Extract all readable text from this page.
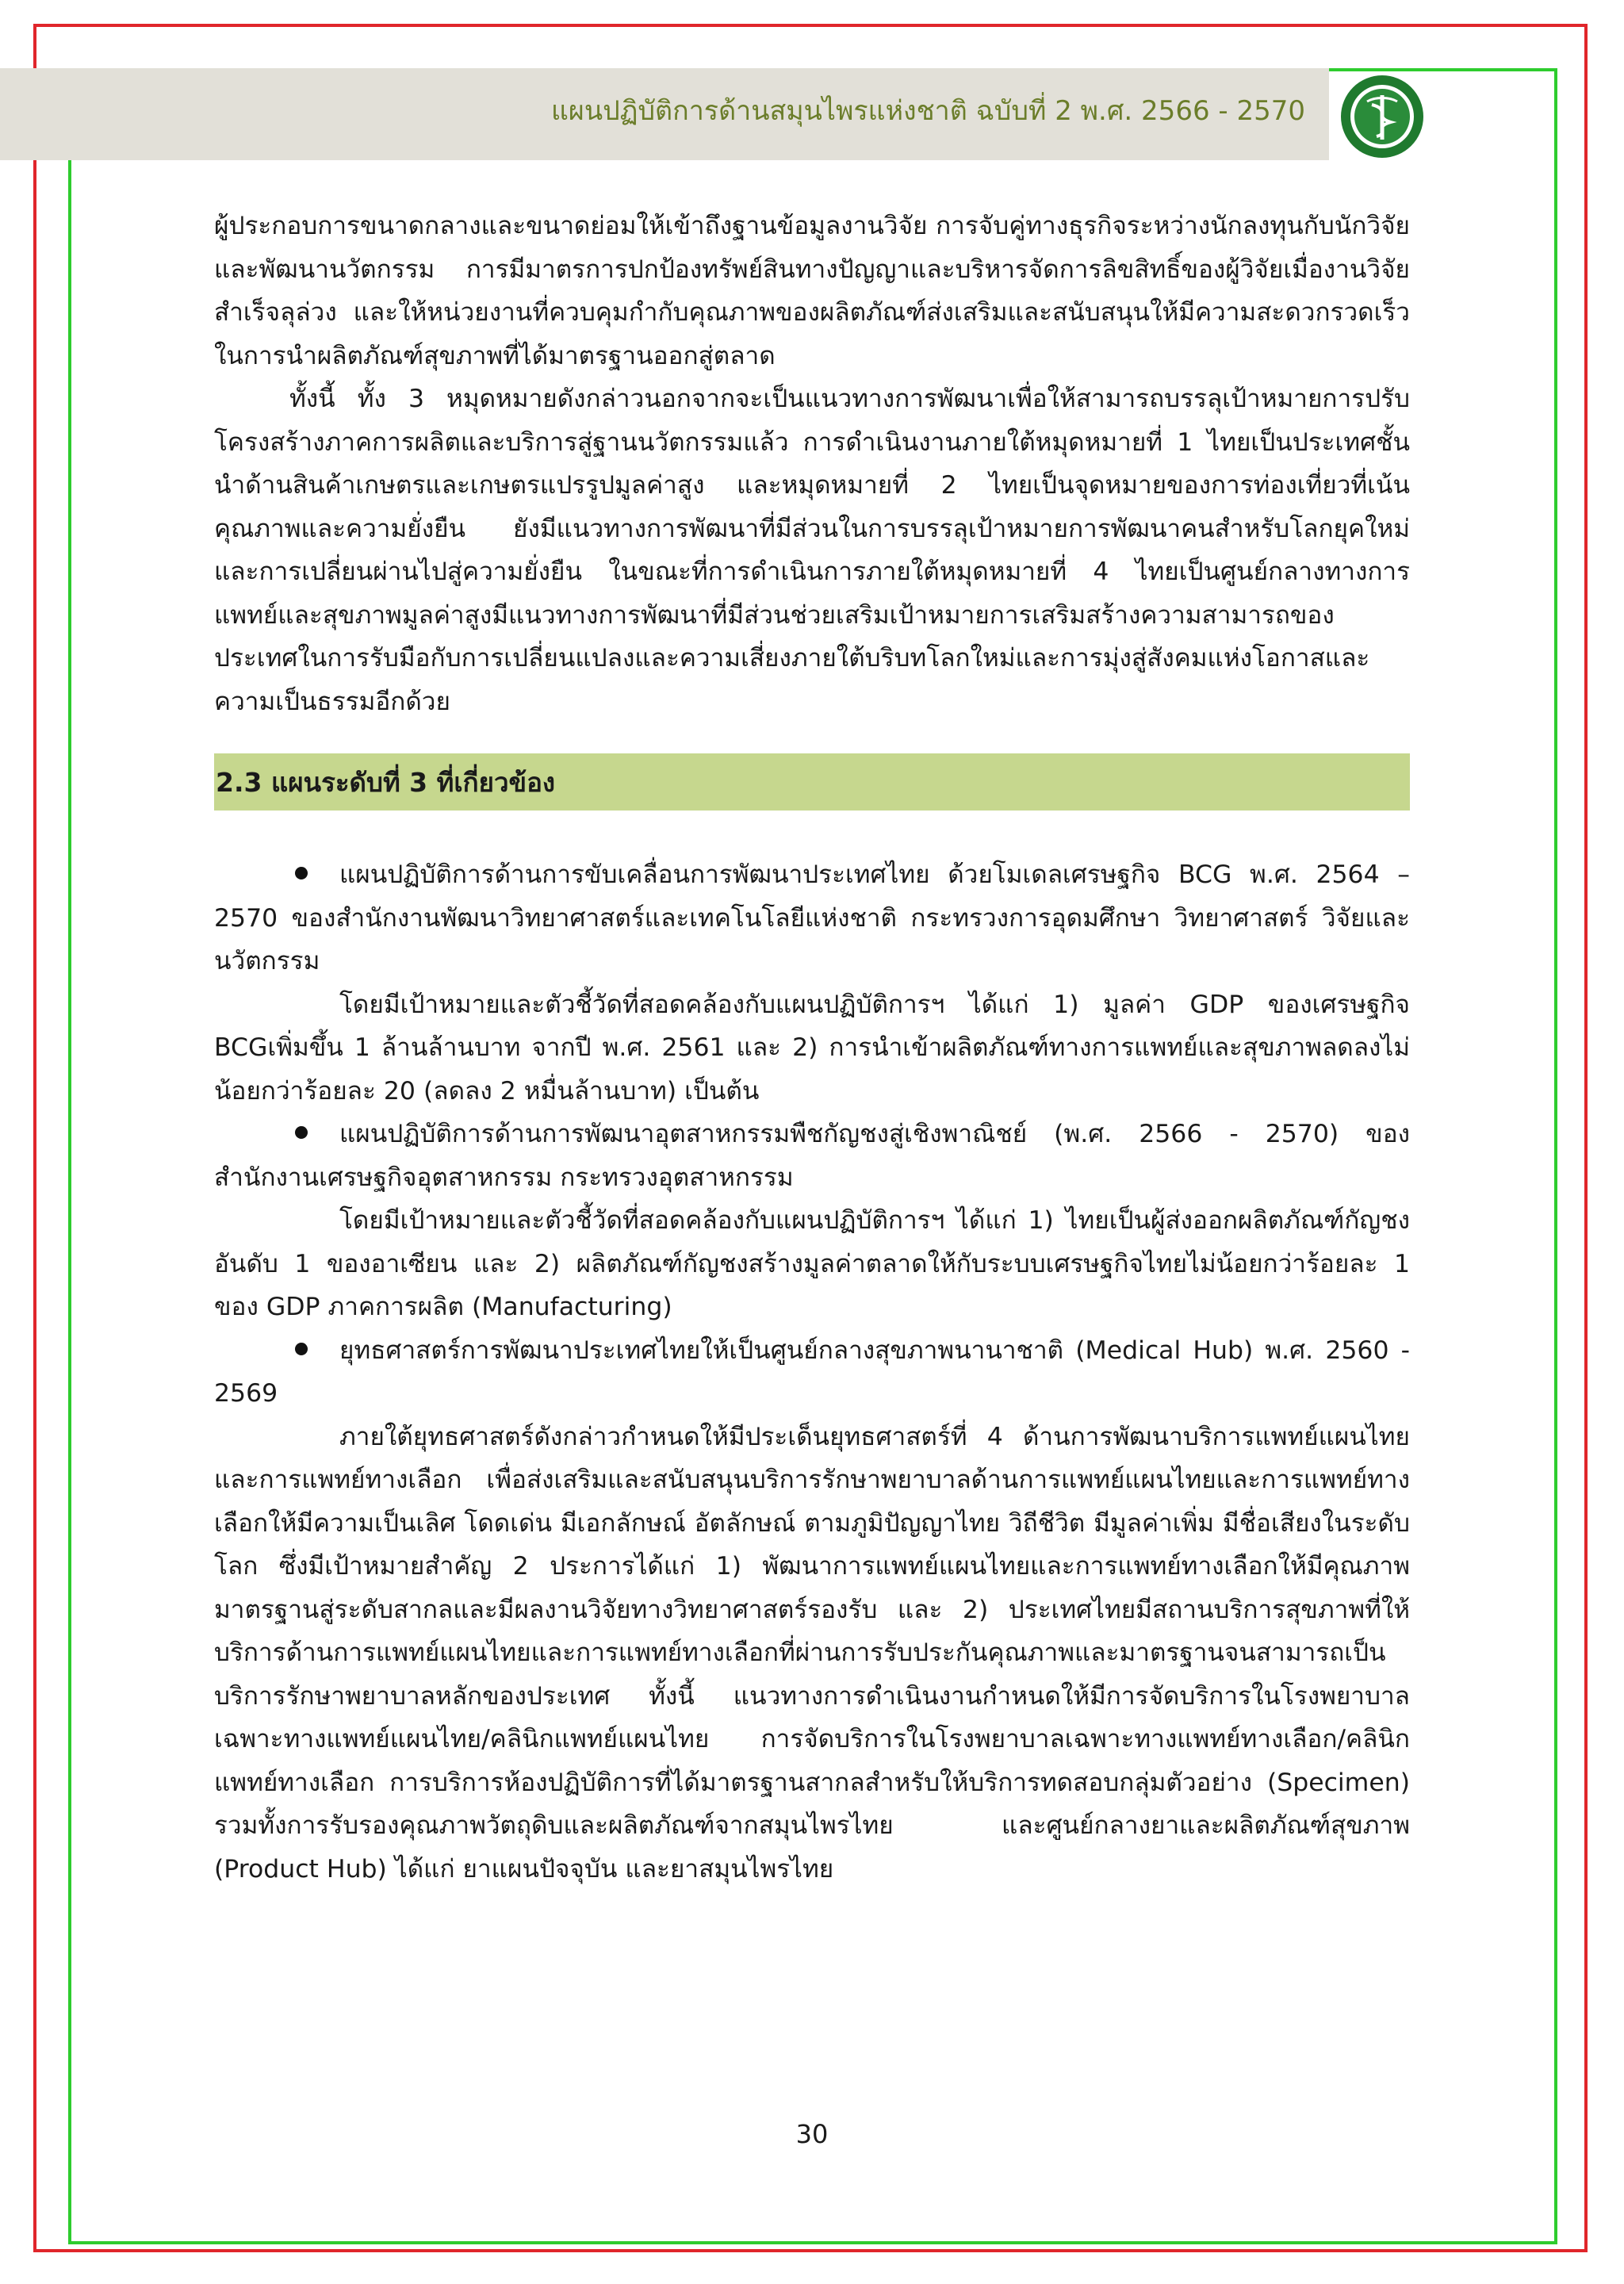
แผนปฏิบัติการด้านสมุนไพรแห่งชาติ ฉบับที่ 2 พ.ศ. 2566 - 2570

ผู้ประกอบการขนาดกลางและขนาดย่อมให้เข้าถึงฐานข้อมูลงานวิจัย การจับคู่ทางธุรกิจระหว่างนักลงทุนกับนักวิจัยและพัฒนานวัตกรรม การมีมาตรการปกป้องทรัพย์สินทางปัญญาและบริหารจัดการลิขสิทธิ์ของผู้วิจัยเมื่องานวิจัยสำเร็จลุล่วง และให้หน่วยงานที่ควบคุมกำกับคุณภาพของผลิตภัณฑ์ส่งเสริมและสนับสนุนให้มีความสะดวกรวดเร็วในการนำผลิตภัณฑ์สุขภาพที่ได้มาตรฐานออกสู่ตลาด

ทั้งนี้ ทั้ง 3 หมุดหมายดังกล่าวนอกจากจะเป็นแนวทางการพัฒนาเพื่อให้สามารถบรรลุเป้าหมายการปรับโครงสร้างภาคการผลิตและบริการสู่ฐานนวัตกรรมแล้ว การดำเนินงานภายใต้หมุดหมายที่ 1 ไทยเป็นประเทศชั้นนำด้านสินค้าเกษตรและเกษตรแปรรูปมูลค่าสูง และหมุดหมายที่ 2 ไทยเป็นจุดหมายของการท่องเที่ยวที่เน้นคุณภาพและความยั่งยืน ยังมีแนวทางการพัฒนาที่มีส่วนในการบรรลุเป้าหมายการพัฒนาคนสำหรับโลกยุคใหม่ และการเปลี่ยนผ่านไปสู่ความยั่งยืน ในขณะที่การดำเนินการภายใต้หมุดหมายที่ 4 ไทยเป็นศูนย์กลางทางการแพทย์และสุขภาพมูลค่าสูงมีแนวทางการพัฒนาที่มีส่วนช่วยเสริมเป้าหมายการเสริมสร้างความสามารถของประเทศในการรับมือกับการเปลี่ยนแปลงและความเสี่ยงภายใต้บริบทโลกใหม่และการมุ่งสู่สังคมแห่งโอกาสและความเป็นธรรมอีกด้วย

2.3 แผนระดับที่ 3 ที่เกี่ยวข้อง

แผนปฏิบัติการด้านการขับเคลื่อนการพัฒนาประเทศไทย ด้วยโมเดลเศรษฐกิจ BCG พ.ศ. 2564 – 2570 ของสำนักงานพัฒนาวิทยาศาสตร์และเทคโนโลยีแห่งชาติ กระทรวงการอุดมศึกษา วิทยาศาสตร์ วิจัยและนวัตกรรม

โดยมีเป้าหมายและตัวชี้วัดที่สอดคล้องกับแผนปฏิบัติการฯ ได้แก่ 1) มูลค่า GDP ของเศรษฐกิจ BCGเพิ่มขึ้น 1 ล้านล้านบาท จากปี พ.ศ. 2561 และ 2) การนำเข้าผลิตภัณฑ์ทางการแพทย์และสุขภาพลดลงไม่น้อยกว่าร้อยละ 20 (ลดลง 2 หมื่นล้านบาท) เป็นต้น

แผนปฏิบัติการด้านการพัฒนาอุตสาหกรรมพืชกัญชงสู่เชิงพาณิชย์ (พ.ศ. 2566 - 2570) ของสำนักงานเศรษฐกิจอุตสาหกรรม กระทรวงอุตสาหกรรม

โดยมีเป้าหมายและตัวชี้วัดที่สอดคล้องกับแผนปฏิบัติการฯ ได้แก่ 1) ไทยเป็นผู้ส่งออกผลิตภัณฑ์กัญชงอันดับ 1 ของอาเซียน และ 2) ผลิตภัณฑ์กัญชงสร้างมูลค่าตลาดให้กับระบบเศรษฐกิจไทยไม่น้อยกว่าร้อยละ 1 ของ GDP ภาคการผลิต (Manufacturing)

ยุทธศาสตร์การพัฒนาประเทศไทยให้เป็นศูนย์กลางสุขภาพนานาชาติ (Medical Hub) พ.ศ. 2560 - 2569

ภายใต้ยุทธศาสตร์ดังกล่าวกำหนดให้มีประเด็นยุทธศาสตร์ที่ 4 ด้านการพัฒนาบริการแพทย์แผนไทยและการแพทย์ทางเลือก เพื่อส่งเสริมและสนับสนุนบริการรักษาพยาบาลด้านการแพทย์แผนไทยและการแพทย์ทางเลือกให้มีความเป็นเลิศ โดดเด่น มีเอกลักษณ์ อัตลักษณ์ ตามภูมิปัญญาไทย วิถีชีวิต มีมูลค่าเพิ่ม มีชื่อเสียงในระดับโลก ซึ่งมีเป้าหมายสำคัญ 2 ประการได้แก่ 1) พัฒนาการแพทย์แผนไทยและการแพทย์ทางเลือกให้มีคุณภาพมาตรฐานสู่ระดับสากลและมีผลงานวิจัยทางวิทยาศาสตร์รองรับ และ 2) ประเทศไทยมีสถานบริการสุขภาพที่ให้บริการด้านการแพทย์แผนไทยและการแพทย์ทางเลือกที่ผ่านการรับประกันคุณภาพและมาตรฐานจนสามารถเป็นบริการรักษาพยาบาลหลักของประเทศ ทั้งนี้ แนวทางการดำเนินงานกำหนดให้มีการจัดบริการในโรงพยาบาลเฉพาะทางแพทย์แผนไทย/คลินิกแพทย์แผนไทย การจัดบริการในโรงพยาบาลเฉพาะทางแพทย์ทางเลือก/คลินิกแพทย์ทางเลือก การบริการห้องปฏิบัติการที่ได้มาตรฐานสากลสำหรับให้บริการทดสอบกลุ่มตัวอย่าง (Specimen) รวมทั้งการรับรองคุณภาพวัตถุดิบและผลิตภัณฑ์จากสมุนไพรไทย และศูนย์กลางยาและผลิตภัณฑ์สุขภาพ (Product Hub) ได้แก่ ยาแผนปัจจุบัน และยาสมุนไพรไทย

30
